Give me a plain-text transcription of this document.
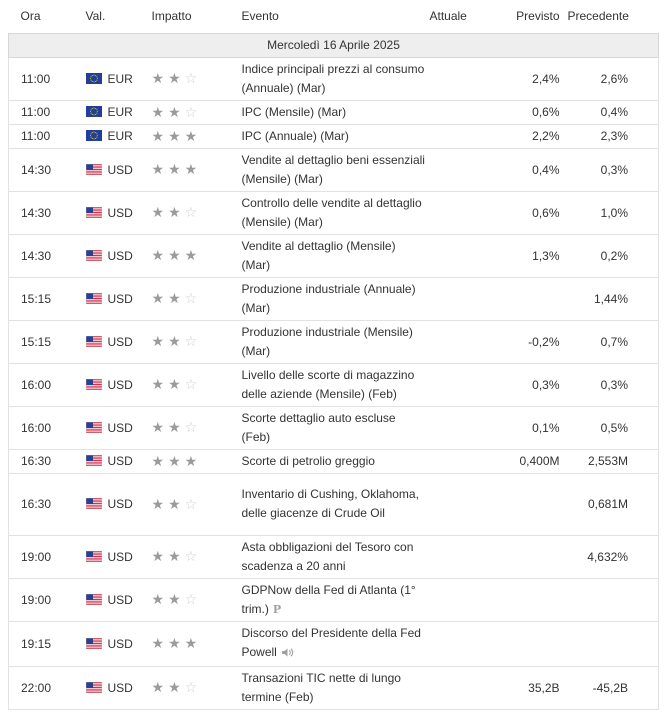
Ora		Val.	Impatto	Evento	Attuale	Previsto	Precedente
Mercoledì 16 Aprile 2025						
11:00		EUR	★ ★ ☆	Indice principali prezzi al consumo (Annuale) (Mar)		2,4%	2,6%
11:00		EUR	★ ★ ☆	IPC (Mensile) (Mar)		0,6%	0,4%
11:00		EUR	★ ★ ★	IPC (Annuale) (Mar)		2,2%	2,3%
14:30		USD	★ ★ ★	Vendite al dettaglio beni essenziali (Mensile) (Mar)		0,4%	0,3%
14:30		USD	★ ★ ☆	Controllo delle vendite al dettaglio (Mensile) (Mar)		0,6%	1,0%
14:30		USD	★ ★ ★	Vendite al dettaglio (Mensile) (Mar)		1,3%	0,2%
15:15		USD	★ ★ ☆	Produzione industriale (Annuale) (Mar)			1,44%
15:15		USD	★ ★ ☆	Produzione industriale (Mensile) (Mar)		-0,2%	0,7%
16:00		USD	★ ★ ☆	Livello delle scorte di magazzino delle aziende (Mensile) (Feb)		0,3%	0,3%
16:00		USD	★ ★ ☆	Scorte dettaglio auto escluse (Feb)		0,1%	0,5%
16:30		USD	★ ★ ★	Scorte di petrolio greggio		0,400M	2,553M
16:30		USD	★ ★ ☆	Inventario di Cushing, Oklahoma, delle giacenze di Crude Oil			0,681M
19:00		USD	★ ★ ☆	Asta obbligazioni del Tesoro con scadenza a 20 anni			4,632%
19:00		USD	★ ★ ☆	GDPNow della Fed di Atlanta (1° trim.) P			
19:15		USD	★ ★ ★	Discorso del Presidente della Fed Powell			
22:00		USD	★ ★ ☆	Transazioni TIC nette di lungo termine (Feb)		35,2B	-45,2B
